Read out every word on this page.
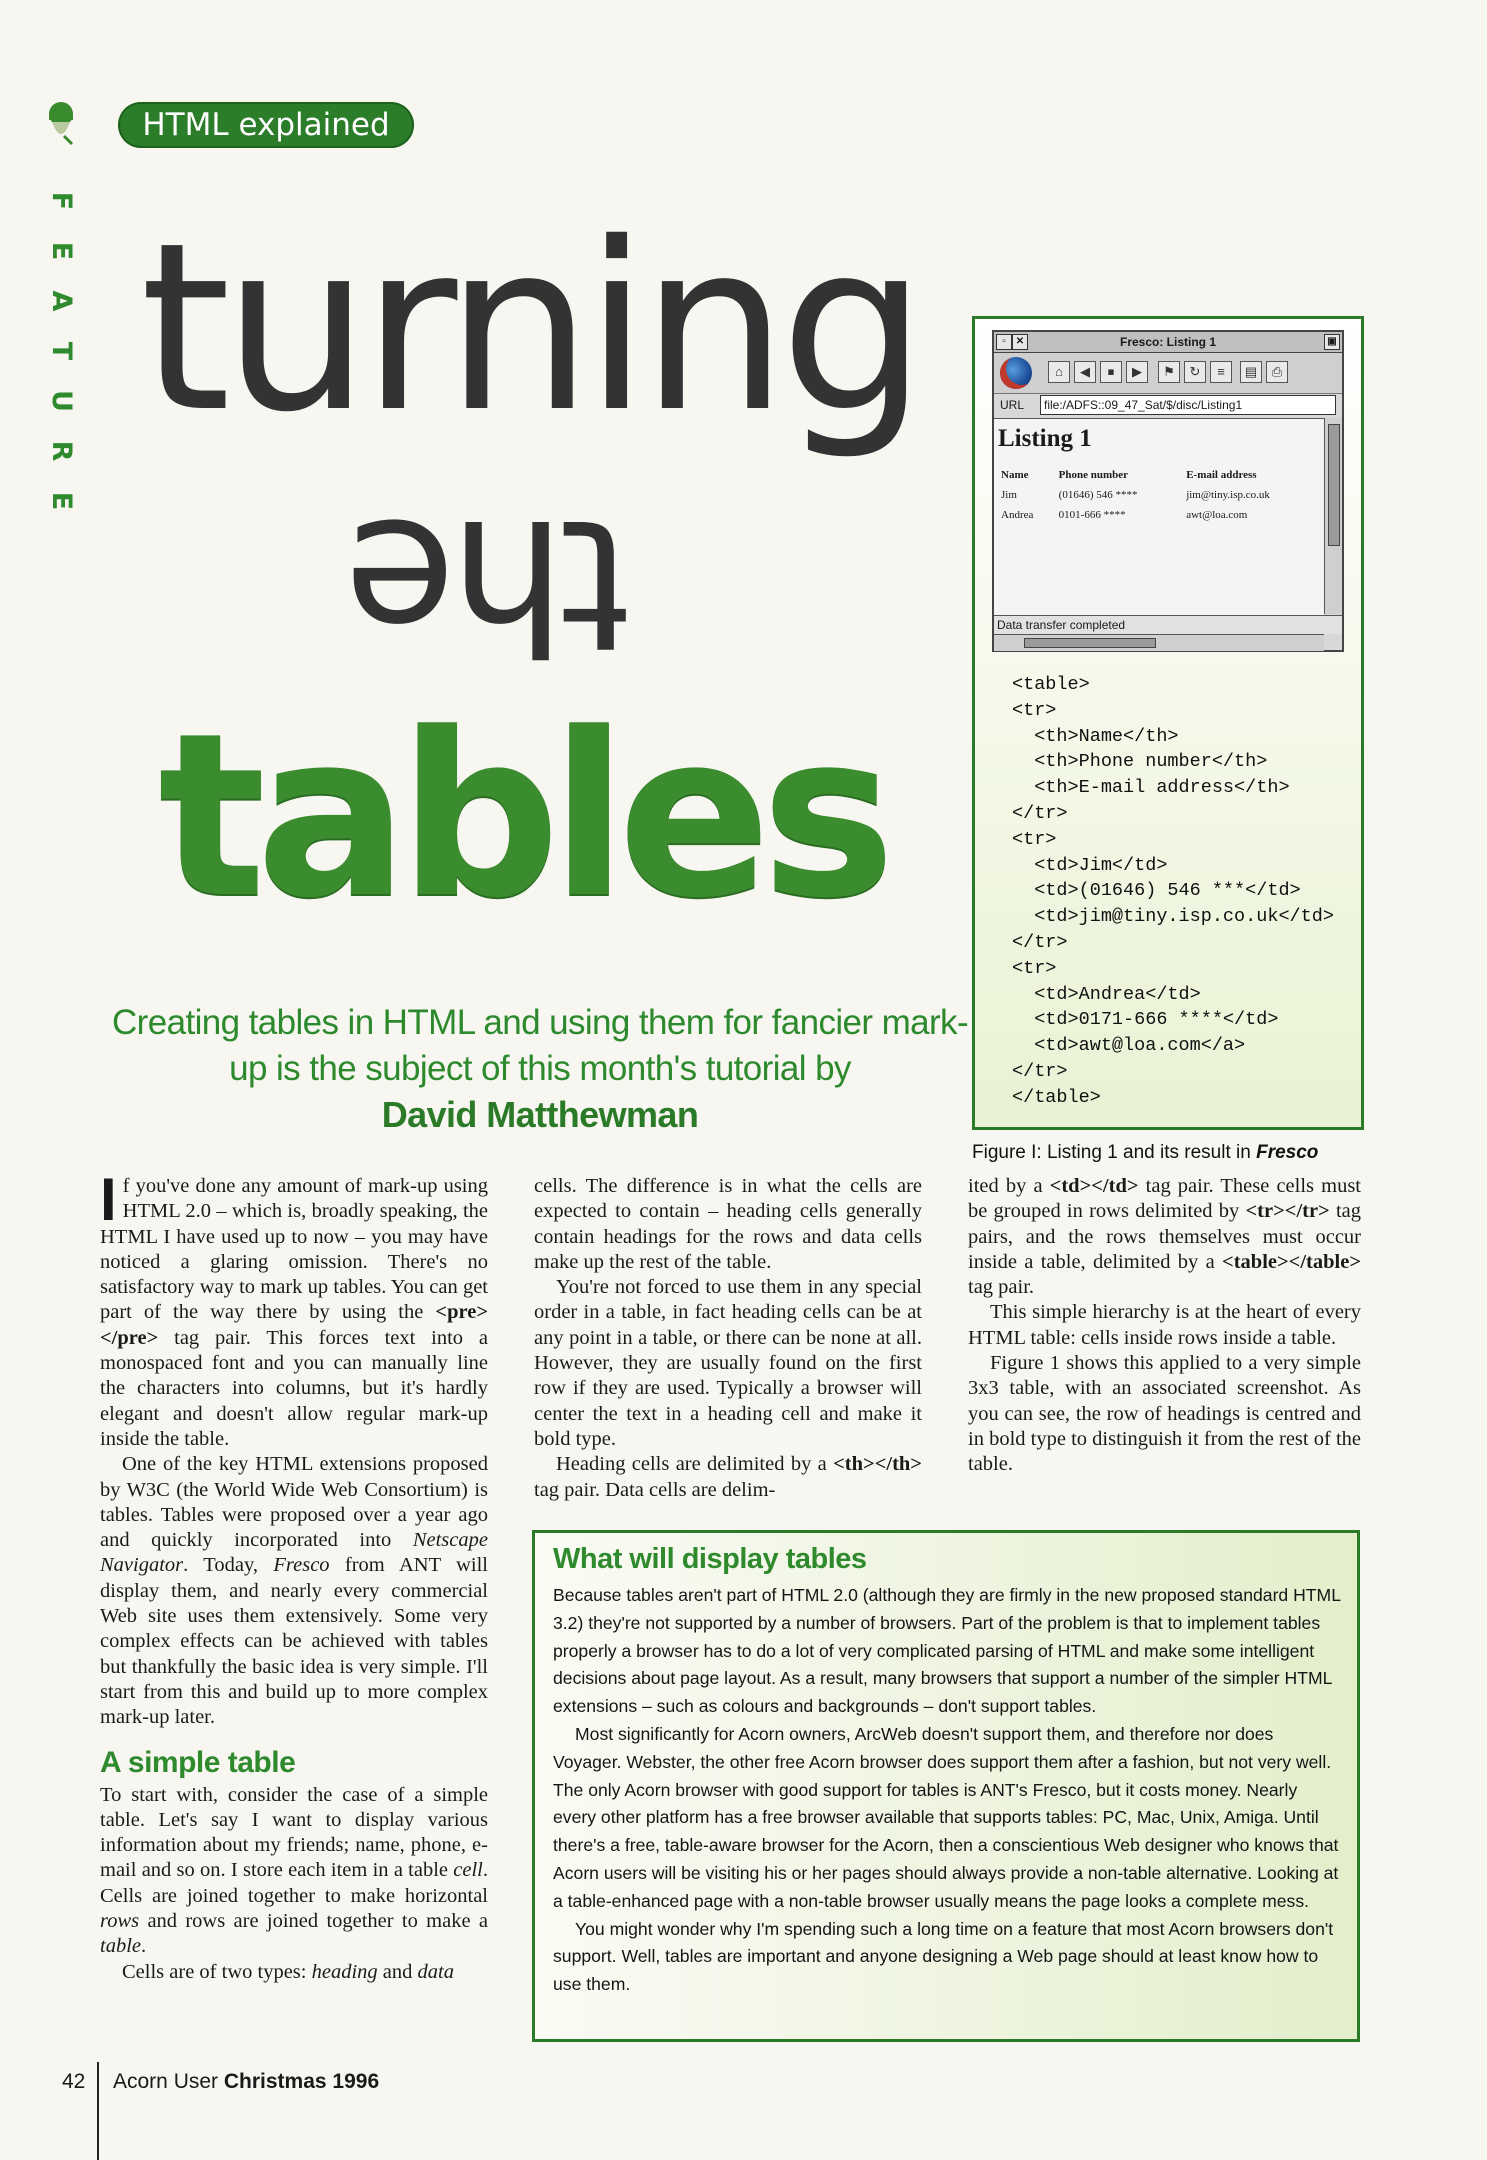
F
E
A
T
U
R
E
HTML explained
turning
the
tables
Creating tables in HTML and using them for fancier mark-up is the subject of this month's tutorial by
David Matthewman

If you've done any amount of mark-up using HTML 2.0 – which is, broadly speaking, the HTML I have used up to now – you may have noticed a glaring omission. There's no satisfactory way to mark up tables. You can get part of the way there by using the <pre></pre> tag pair. This forces text into a monospaced font and you can manually line the characters into columns, but it's hardly elegant and doesn't allow regular mark-up inside the table.

One of the key HTML extensions proposed by W3C (the World Wide Web Consortium) is tables. Tables were proposed over a year ago and quickly incorporated into Netscape Navigator. Today, Fresco from ANT will display them, and nearly every commercial Web site uses them extensively. Some very complex effects can be achieved with tables but thankfully the basic idea is very simple. I'll start from this and build up to more complex mark-up later.

A simple table

To start with, consider the case of a simple table. Let's say I want to display various information about my friends; name, phone, e-mail and so on. I store each item in a table cell. Cells are joined together to make horizontal rows and rows are joined together to make a table.

Cells are of two types: heading and data

cells. The difference is in what the cells are expected to contain – heading cells generally contain headings for the rows and data cells make up the rest of the table.

You're not forced to use them in any special order in a table, in fact heading cells can be at any point in a table, or there can be none at all. However, they are usually found on the first row if they are used. Typically a browser will center the text in a heading cell and make it bold type.

Heading cells are delimited by a <th></th> tag pair. Data cells are delim-

ited by a <td></td> tag pair. These cells must be grouped in rows delimited by <tr></tr> tag pairs, and the rows themselves must occur inside a table, delimited by a <table></table> tag pair.

This simple hierarchy is at the heart of every HTML table: cells inside rows inside a table.

Figure 1 shows this applied to a very simple 3x3 table, with an associated screenshot. As you can see, the row of headings is centred and in bold type to distinguish it from the rest of the table.

▫	✕	Fresco: Listing 1	▣
⌂	◀	⏹	▶	⚑	↻	≡	▤	⎙
URL	file:/ADFS::09_47_Sat/$/disc/Listing1
Listing 1
Name	Phone number	E-mail address
Jim	(01646) 546 ****	jim@tiny.isp.co.uk
Andrea	0101-666 ****	awt@loa.com
Data transfer completed
<table>
<tr>
<th>Name</th>
<th>Phone number</th>
<th>E-mail address</th>
</tr>
<tr>
<td>Jim</td>
<td>(01646) 546 ***</td>
<td>jim@tiny.isp.co.uk</td>
</tr>
<tr>
<td>Andrea</td>
<td>0171-666 ****</td>
<td>awt@loa.com</a>
</tr>
</table>
Figure I: Listing 1 and its result in Fresco
What will display tables

Because tables aren't part of HTML 2.0 (although they are firmly in the new proposed standard HTML 3.2) they're not supported by a number of browsers. Part of the problem is that to implement tables properly a browser has to do a lot of very complicated parsing of HTML and make some intelligent decisions about page layout. As a result, many browsers that support a number of the simpler HTML extensions – such as colours and backgrounds – don't support tables.

Most significantly for Acorn owners, ArcWeb doesn't support them, and therefore nor does Voyager. Webster, the other free Acorn browser does support them after a fashion, but not very well. The only Acorn browser with good support for tables is ANT's Fresco, but it costs money. Nearly every other platform has a free browser available that supports tables: PC, Mac, Unix, Amiga. Until there's a free, table-aware browser for the Acorn, then a conscientious Web designer who knows that Acorn users will be visiting his or her pages should always provide a non-table alternative. Looking at a table-enhanced page with a non-table browser usually means the page looks a complete mess.

You might wonder why I'm spending such a long time on a feature that most Acorn browsers don't support. Well, tables are important and anyone designing a Web page should at least know how to use them.

42 Acorn User Christmas 1996
